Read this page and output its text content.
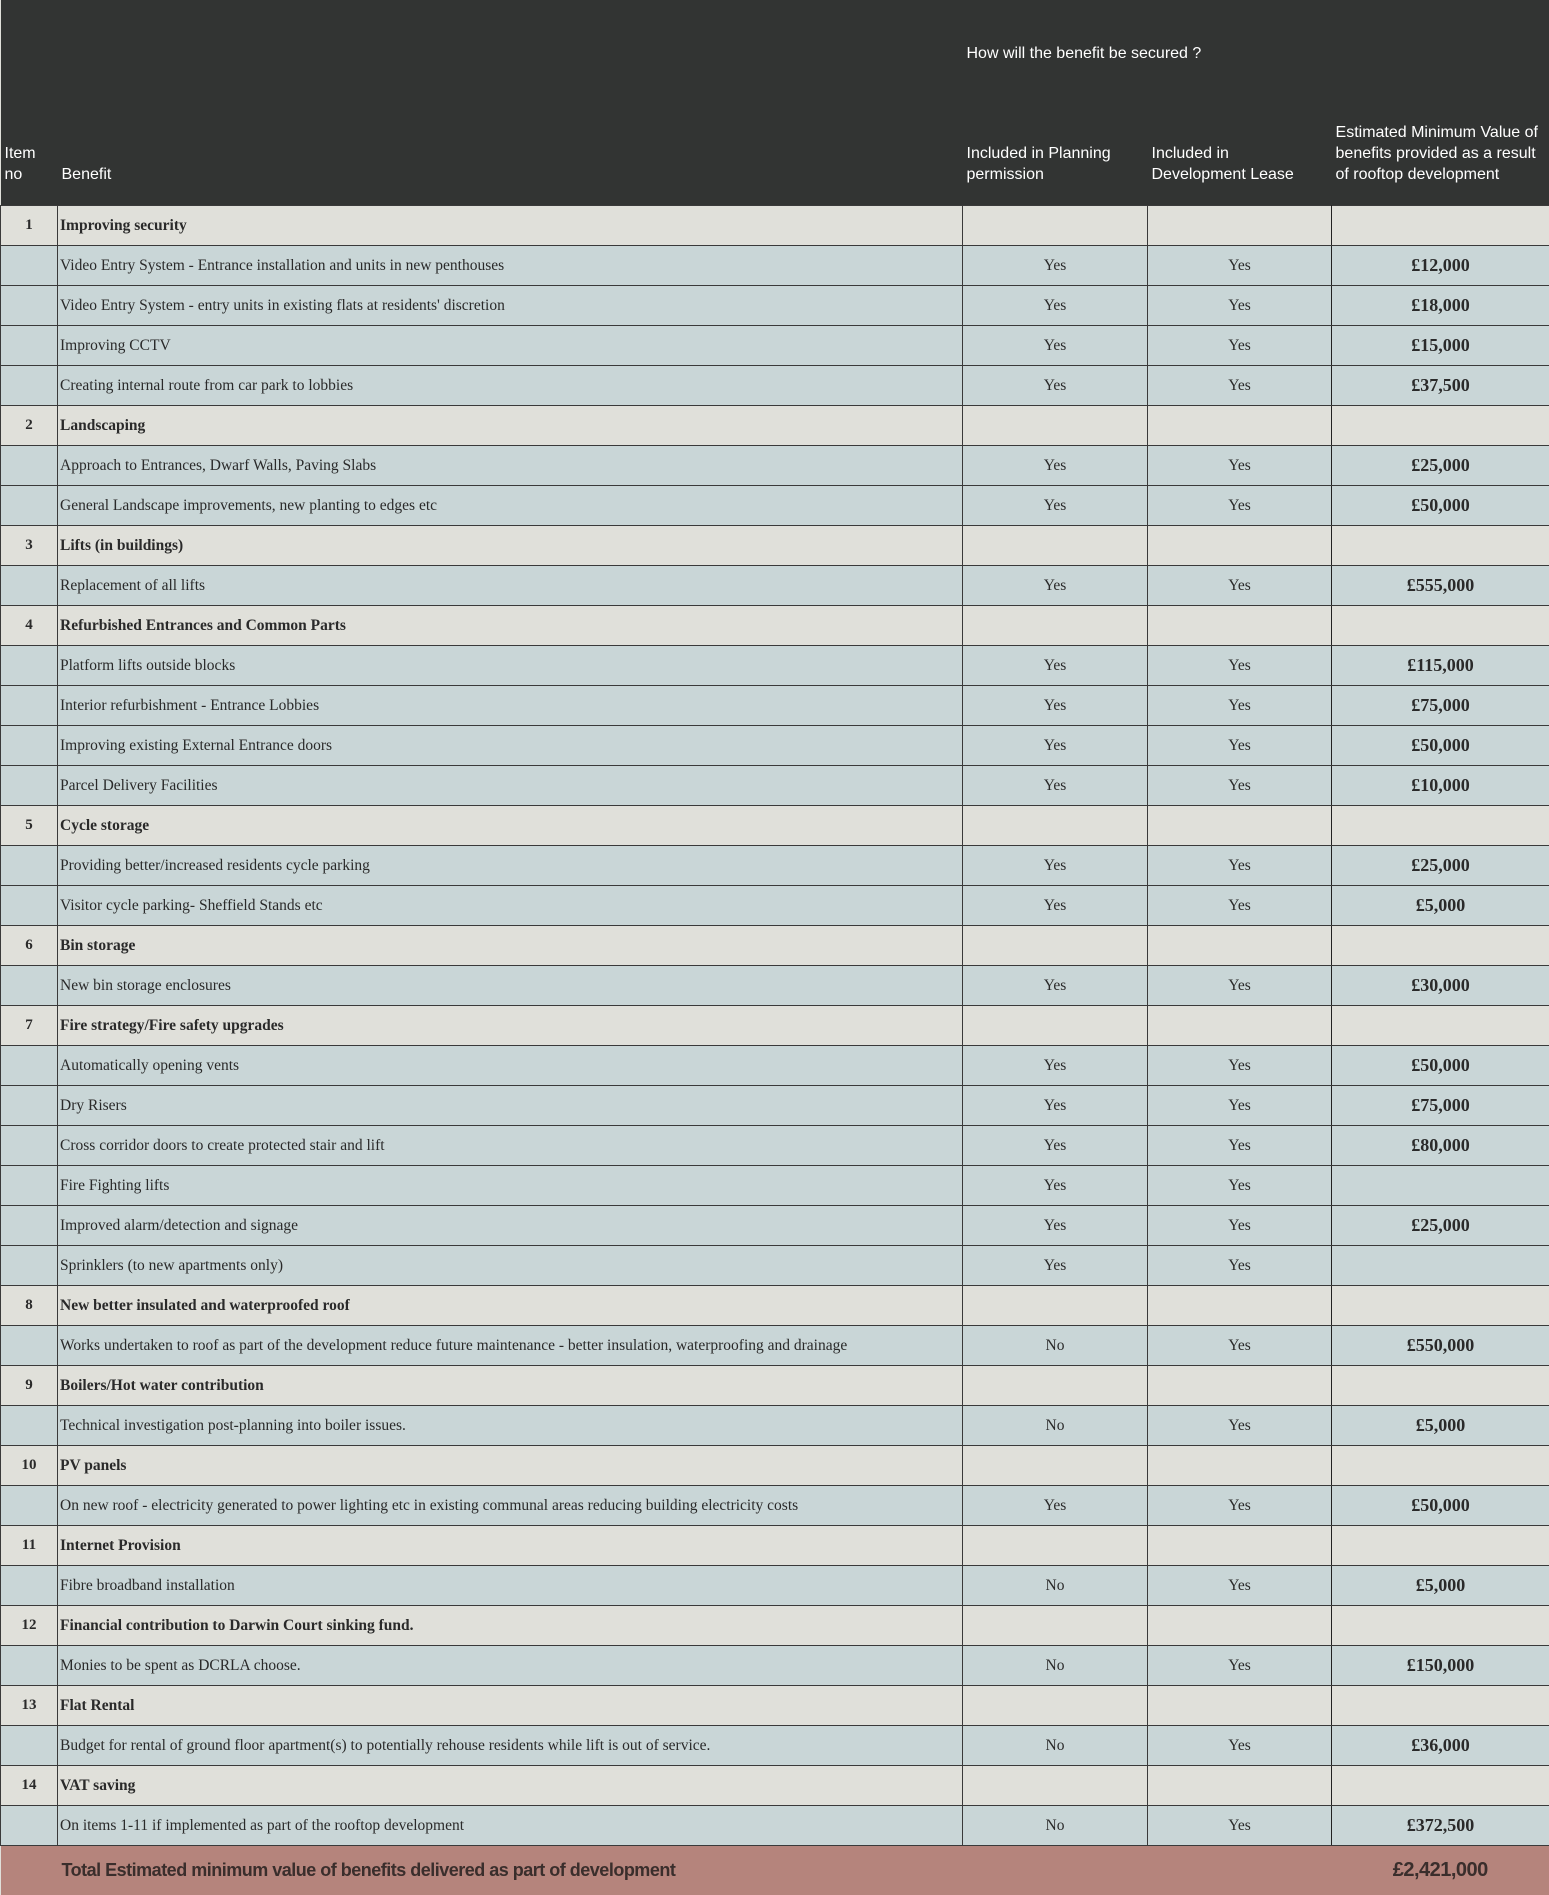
		How will the benefit be secured ?		
Item no	Benefit	Included in Planning permission	Included in Development Lease	Estimated Minimum Value of benefits provided as a result of rooftop development
1	Improving security			
	Video Entry System - Entrance installation and units in new penthouses	Yes	Yes	£12,000
	Video Entry System - entry units in existing flats at residents' discretion	Yes	Yes	£18,000
	Improving CCTV	Yes	Yes	£15,000
	Creating internal route from car park to lobbies	Yes	Yes	£37,500
2	Landscaping			
	Approach to Entrances, Dwarf Walls, Paving Slabs	Yes	Yes	£25,000
	General Landscape improvements, new planting to edges etc	Yes	Yes	£50,000
3	Lifts (in buildings)			
	Replacement of all lifts	Yes	Yes	£555,000
4	Refurbished Entrances and Common Parts			
	Platform lifts outside blocks	Yes	Yes	£115,000
	Interior refurbishment - Entrance Lobbies	Yes	Yes	£75,000
	Improving existing External Entrance doors	Yes	Yes	£50,000
	Parcel Delivery Facilities	Yes	Yes	£10,000
5	Cycle storage			
	Providing better/increased residents cycle parking	Yes	Yes	£25,000
	Visitor cycle parking- Sheffield Stands etc	Yes	Yes	£5,000
6	Bin storage			
	New bin storage enclosures	Yes	Yes	£30,000
7	Fire strategy/Fire safety upgrades			
	Automatically opening vents	Yes	Yes	£50,000
	Dry Risers	Yes	Yes	£75,000
	Cross corridor doors to create protected stair and lift	Yes	Yes	£80,000
	Fire Fighting lifts	Yes	Yes	
	Improved alarm/detection and signage	Yes	Yes	£25,000
	Sprinklers (to new apartments only)	Yes	Yes	
8	New better insulated and waterproofed roof			
	Works undertaken to roof as part of the development reduce future maintenance - better insulation, waterproofing and drainage	No	Yes	£550,000
9	Boilers/Hot water contribution			
	Technical investigation post-planning into boiler issues.	No	Yes	£5,000
10	PV panels			
	On new roof - electricity generated to power lighting etc in existing communal areas reducing building electricity costs	Yes	Yes	£50,000
11	Internet Provision			
	Fibre broadband installation	No	Yes	£5,000
12	Financial contribution to Darwin Court sinking fund.			
	Monies to be spent as DCRLA choose.	No	Yes	£150,000
13	Flat Rental			
	Budget for rental of ground floor apartment(s) to potentially rehouse residents while lift is out of service.	No	Yes	£36,000
14	VAT saving			
	On items 1-11 if implemented as part of the rooftop development	No	Yes	£372,500
	Total Estimated minimum value of benefits delivered as part of development			£2,421,000
